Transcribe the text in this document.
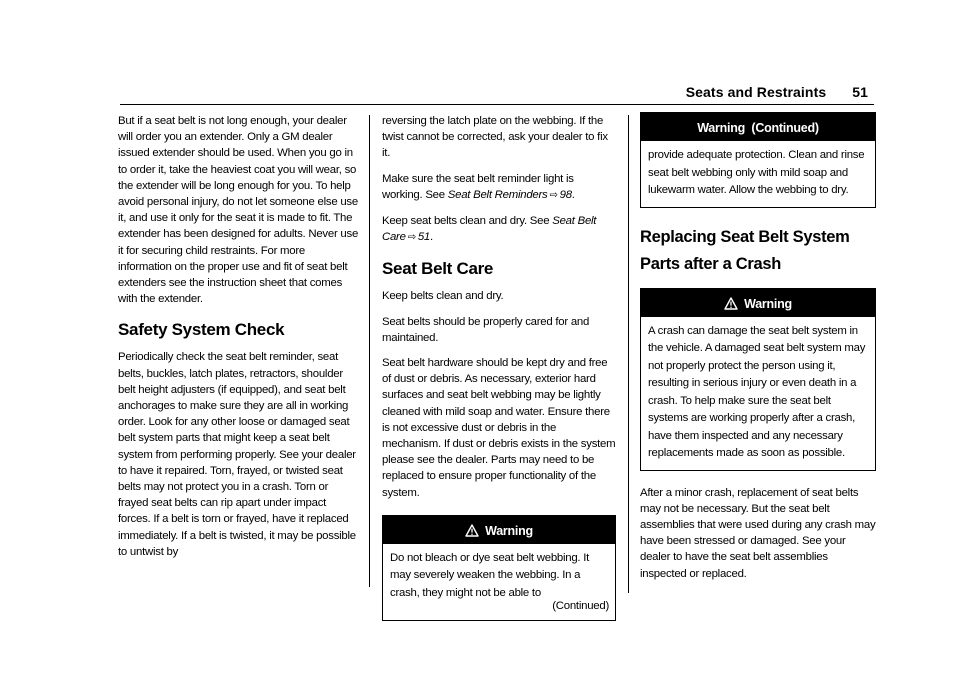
Seats and Restraints 51

But if a seat belt is not long enough, your dealer will order you an extender. Only a GM dealer issued extender should be used. When you go in to order it, take the heaviest coat you will wear, so the extender will be long enough for you. To help avoid personal injury, do not let someone else use it, and use it only for the seat it is made to fit. The extender has been designed for adults. Never use it for securing child restraints. For more information on the proper use and fit of seat belt extenders see the instruction sheet that comes with the extender.

Safety System Check

Periodically check the seat belt reminder, seat belts, buckles, latch plates, retractors, shoulder belt height adjusters (if equipped), and seat belt anchorages to make sure they are all in working order. Look for any other loose or damaged seat belt system parts that might keep a seat belt system from performing properly. See your dealer to have it repaired. Torn, frayed, or twisted seat belts may not protect you in a crash. Torn or frayed seat belts can rip apart under impact forces. If a belt is torn or frayed, have it replaced immediately. If a belt is twisted, it may be possible to untwist by

reversing the latch plate on the webbing. If the twist cannot be corrected, ask your dealer to fix it.

Make sure the seat belt reminder light is working. See Seat Belt Reminders ⇨ 98.

Keep seat belts clean and dry. See Seat Belt Care ⇨ 51.

Seat Belt Care

Keep belts clean and dry.

Seat belts should be properly cared for and maintained.

Seat belt hardware should be kept dry and free of dust or debris. As necessary, exterior hard surfaces and seat belt webbing may be lightly cleaned with mild soap and water. Ensure there is not excessive dust or debris in the mechanism. If dust or debris exists in the system please see the dealer. Parts may need to be replaced to ensure proper functionality of the system.

Warning
Do not bleach or dye seat belt webbing. It may severely weaken the webbing. In a crash, they might not be able to
(Continued)
Warning  (Continued)
provide adequate protection. Clean and rinse seat belt webbing only with mild soap and lukewarm water. Allow the webbing to dry.
Replacing Seat Belt System Parts after a Crash
Warning
A crash can damage the seat belt system in the vehicle. A damaged seat belt system may not properly protect the person using it, resulting in serious injury or even death in a crash. To help make sure the seat belt systems are working properly after a crash, have them inspected and any necessary replacements made as soon as possible.

After a minor crash, replacement of seat belts may not be necessary. But the seat belt assemblies that were used during any crash may have been stressed or damaged. See your dealer to have the seat belt assemblies inspected or replaced.
